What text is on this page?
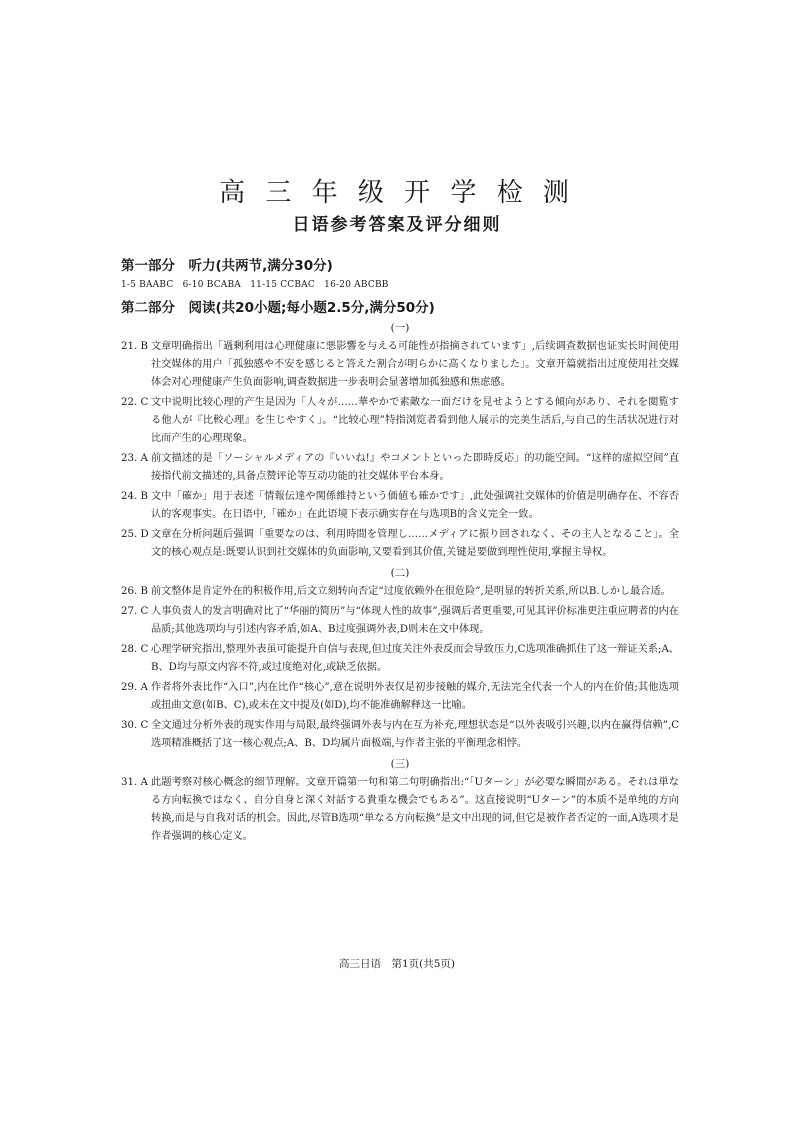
高 三 年 级 开 学 检 测
日语参考答案及评分细则

第一部分　听力(共两节,满分30分)

1-5 BAABC　6-10 BCABA　11-15 CCBAC　16-20 ABCBB

第二部分　阅读(共20小题;每小题2.5分,满分50分)

(一)

21. B 文章明确指出「過剰利用は心理健康に悪影響を与える可能性が指摘されています」,后续调查数据也证实长时间使用社交媒体的用户「孤独感や不安を感じると答えた割合が明らかに高くなりました」。文章开篇就指出过度使用社交媒体会对心理健康产生负面影响,调查数据进一步表明会显著增加孤独感和焦虑感。

22. C 文中说明比较心理的产生是因为「人々が……華やかで素敵な一面だけを見せようとする傾向があり、それを閲覧する他人が『比較心理』を生じやすく」。“比较心理”特指浏览者看到他人展示的完美生活后,与自己的生活状况进行对比而产生的心理现象。

23. A 前文描述的是「ソーシャルメディアの『いいね!』やコメントといった即時反応」的功能空间。“这样的虚拟空间”直接指代前文描述的,具备点赞评论等互动功能的社交媒体平台本身。

24. B 文中「確か」用于表述「情報伝達や関係維持という価値も確かです」,此处强调社交媒体的价值是明确存在、不容否认的客观事实。在日语中,「確か」在此语境下表示确实存在与选项B的含义完全一致。

25. D 文章在分析问题后强调「重要なのは、利用時間を管理し……メディアに振り回されなく、その主人となること」。全文的核心观点是:既要认识到社交媒体的负面影响,又要看到其价值,关键是要做到理性使用,掌握主导权。

(二)

26. B 前文整体是肯定外在的积极作用,后文立刻转向否定“过度依赖外在很危险”,是明显的转折关系,所以B.しかし最合适。

27. C 人事负责人的发言明确对比了“华丽的简历”与“体现人性的故事”,强调后者更重要,可见其评价标准更注重应聘者的内在品质;其他选项均与引述内容矛盾,如A、B过度强调外表,D则未在文中体现。

28. C 心理学研究指出,整理外表虽可能提升自信与表现,但过度关注外表反而会导致压力,C选项准确抓住了这一辩证关系;A、B、D均与原文内容不符,或过度绝对化,或缺乏依据。

29. A 作者将外表比作“入口”,内在比作“核心”,意在说明外表仅是初步接触的媒介,无法完全代表一个人的内在价值;其他选项或扭曲文意(如B、C),或未在文中提及(如D),均不能准确解释这一比喻。

30. C 全文通过分析外表的现实作用与局限,最终强调外表与内在互为补充,理想状态是“以外表吸引兴趣,以内在赢得信赖”,C选项精准概括了这一核心观点;A、B、D均属片面极端,与作者主张的平衡理念相悖。

(三)

31. A 此题考察对核心概念的细节理解。文章开篇第一句和第二句明确指出:“「Uターン」が必要な瞬間がある。それは単なる方向転換ではなく、自分自身と深く対話する貴重な機会でもある”。这直接说明“Uターン”的本质不是单纯的方向转换,而是与自我对话的机会。因此,尽管B选项“単なる方向転換”是文中出现的词,但它是被作者否定的一面,A选项才是作者强调的核心定义。

高三日语　第1页(共5页)
